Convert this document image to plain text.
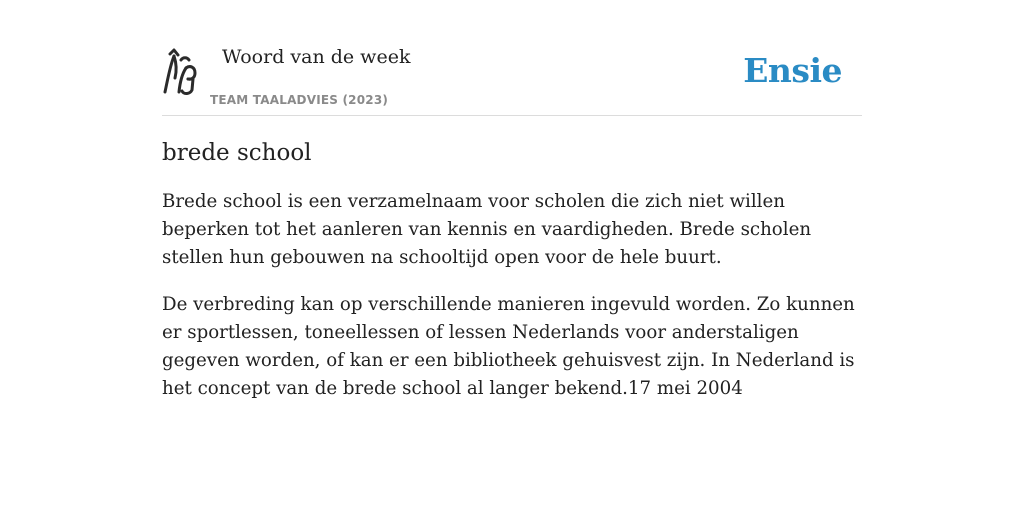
Woord van de week
TEAM TAALADVIES (2023)
Ensie
brede school

Brede school is een verzamelnaam voor scholen die zich niet willen beperken tot het aanleren van kennis en vaardigheden. Brede scholen stellen hun gebouwen na schooltijd open voor de hele buurt.

De verbreding kan op verschillende manieren ingevuld worden. Zo kunnen er sportlessen, toneellessen of lessen Nederlands voor anderstaligen gegeven worden, of kan er een bibliotheek gehuisvest zijn. In Nederland is het concept van de brede school al langer bekend.17 mei 2004
